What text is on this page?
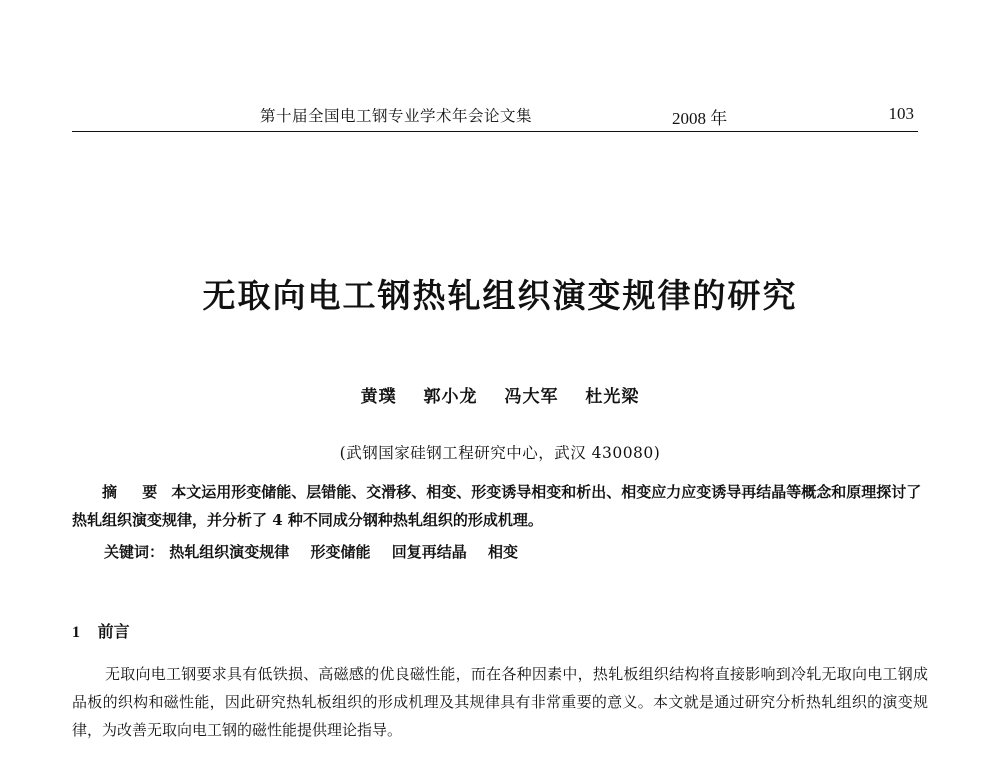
第十届全国电工钢专业学术年会论文集	2008 年	103
无取向电工钢热轧组织演变规律的研究
黄璞 郭小龙 冯大军 杜光梁
(武钢国家硅钢工程研究中心，武汉 430080)
摘 要 本文运用形变储能、层错能、交滑移、相变、形变诱导相变和析出、相变应力应变诱导再结晶等概念和原理探讨了热轧组织演变规律，并分析了 4 种不同成分钢种热轧组织的形成机理。
关键词： 热轧组织演变规律 形变储能 回复再结晶 相变
1 前言
无取向电工钢要求具有低铁损、高磁感的优良磁性能，而在各种因素中，热轧板组织结构将直接影响到冷轧无取向电工钢成品板的织构和磁性能，因此研究热轧板组织的形成机理及其规律具有非常重要的意义。本文就是通过研究分析热轧组织的演变规律，为改善无取向电工钢的磁性能提供理论指导。
